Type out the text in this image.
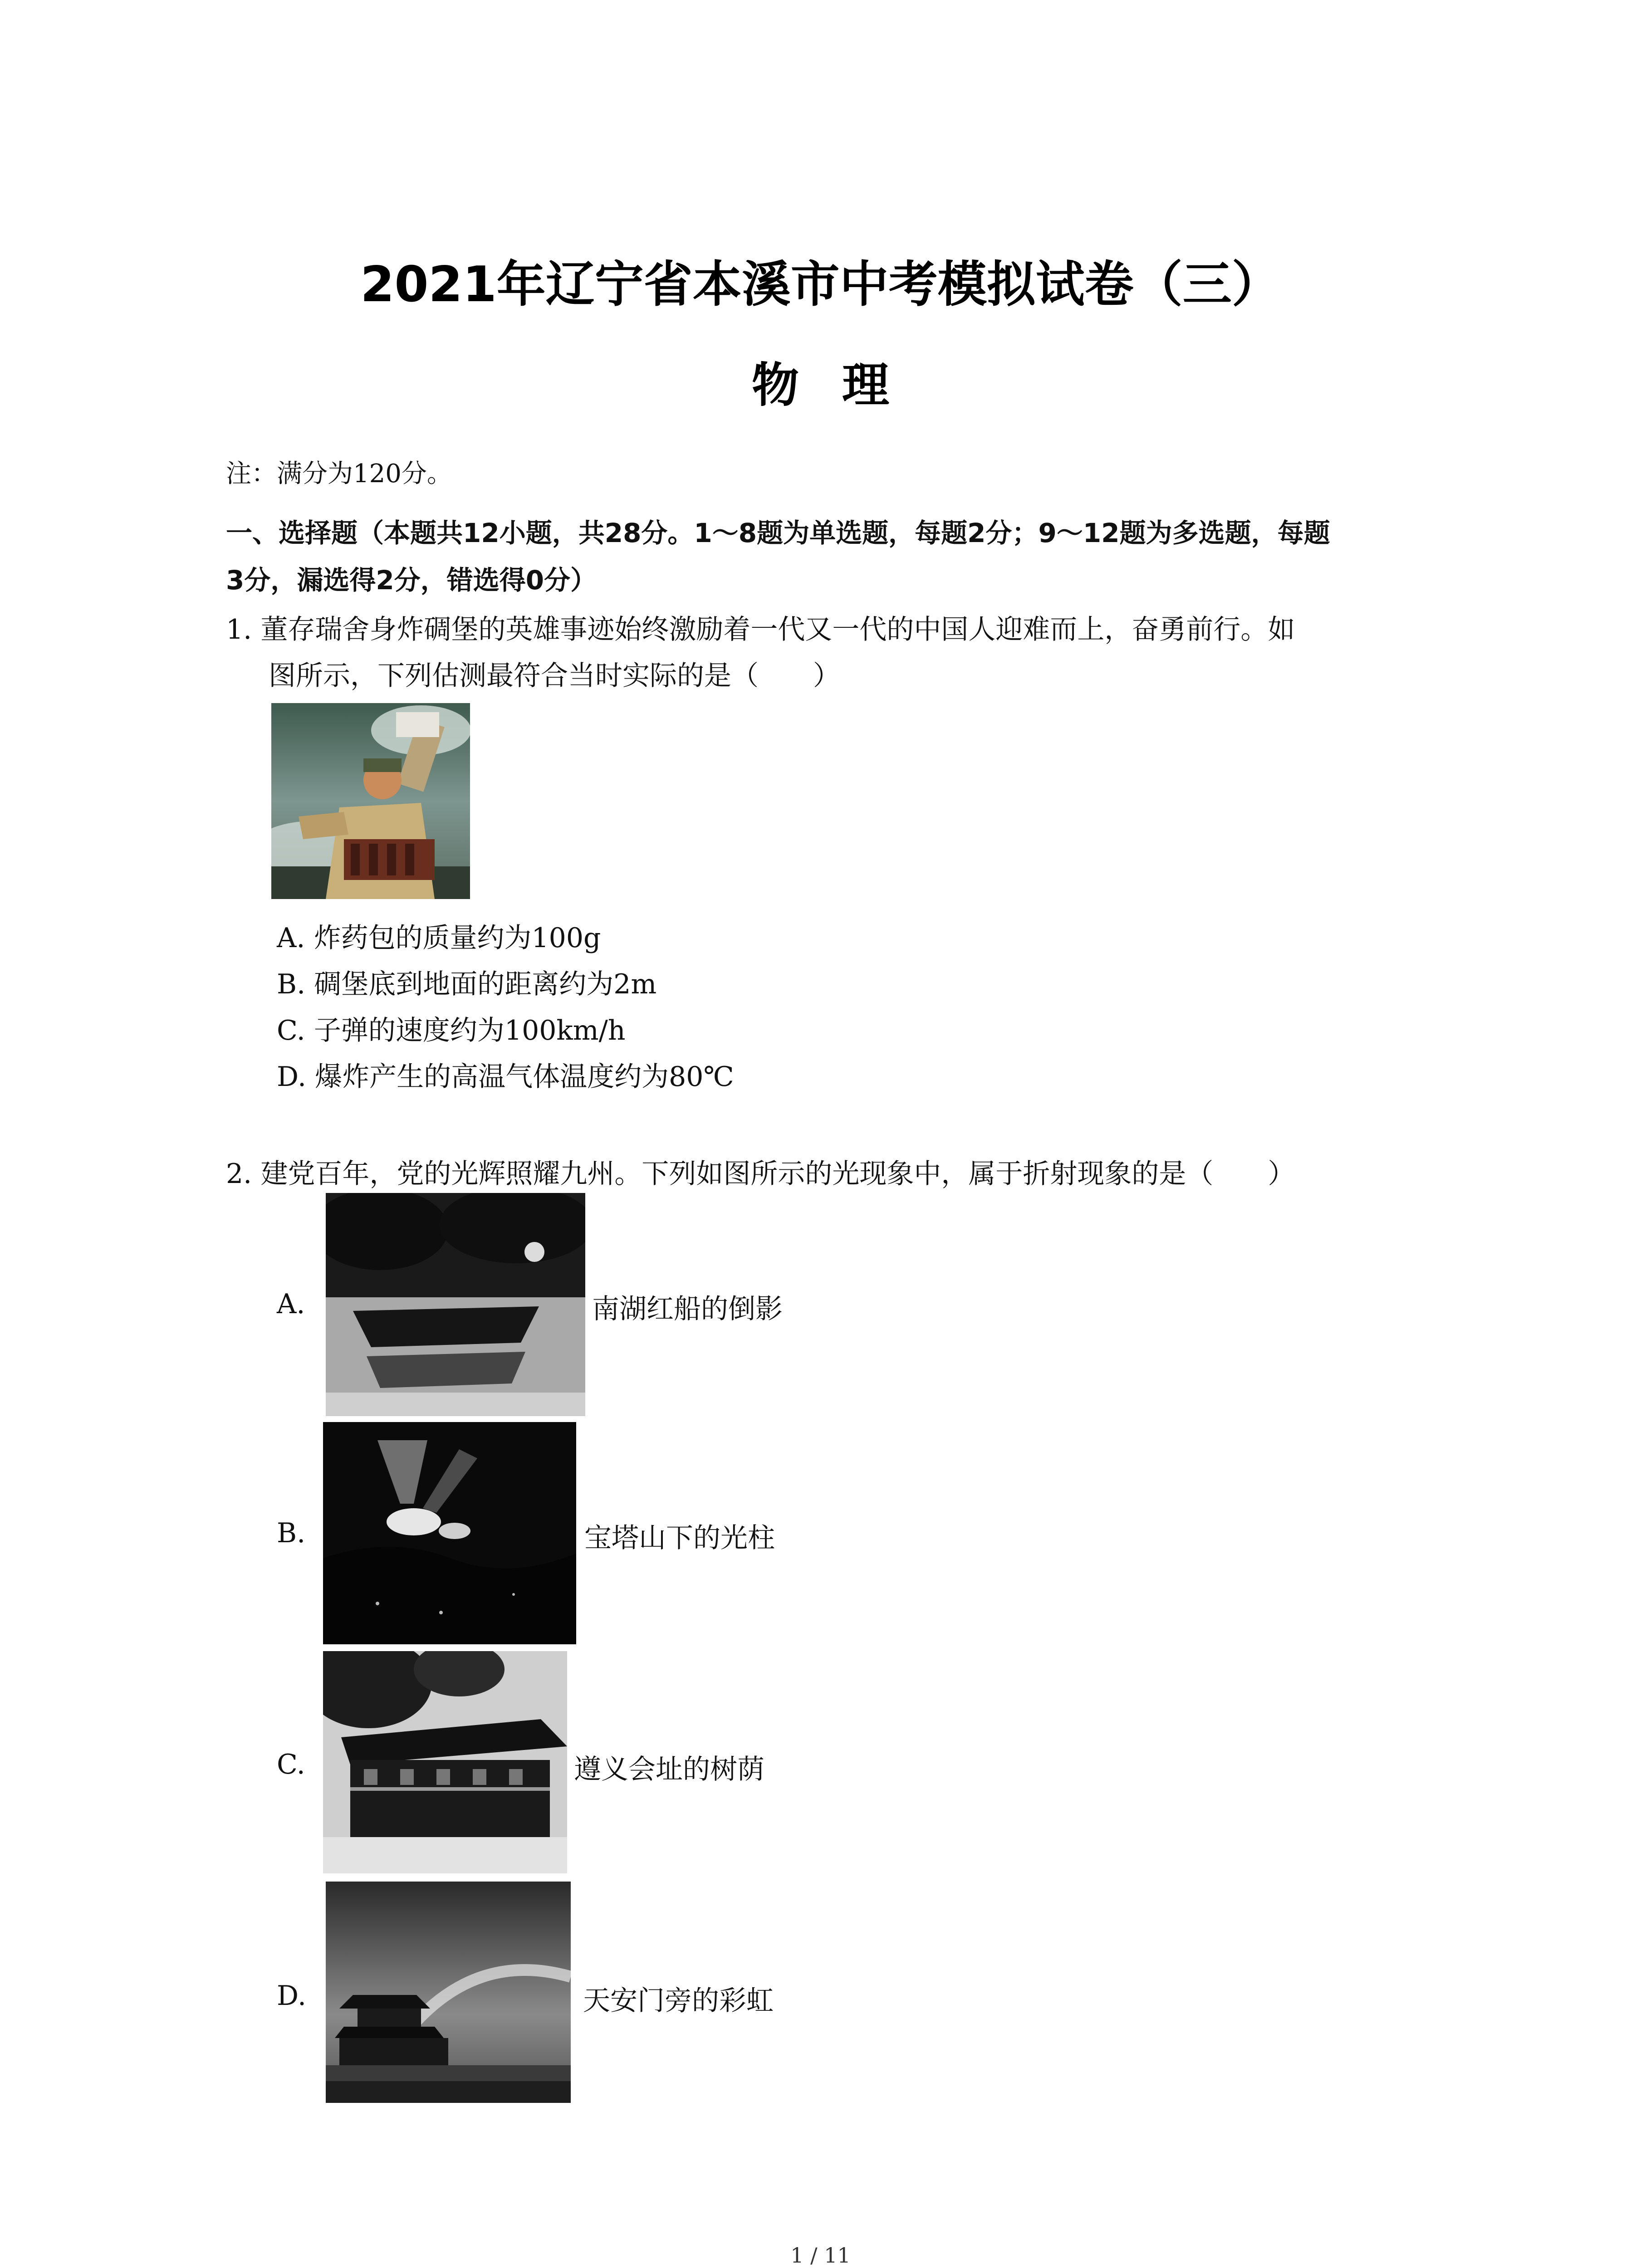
2021年辽宁省本溪市中考模拟试卷（三）
物理
注：满分为120分。
一、选择题（本题共12小题，共28分。1～8题为单选题，每题2分；9～12题为多选题，每题
3分，漏选得2分，错选得0分）
1. 董存瑞舍身炸碉堡的英雄事迹始终激励着一代又一代的中国人迎难而上，奋勇前行。如
图所示，下列估测最符合当时实际的是（　　）
A. 炸药包的质量约为100g
B. 碉堡底到地面的距离约为2m
C. 子弹的速度约为100km/h
D. 爆炸产生的高温气体温度约为80℃
2. 建党百年，党的光辉照耀九州。下列如图所示的光现象中，属于折射现象的是（　　）
A.	南湖红船的倒影
B.	宝塔山下的光柱
C.	遵义会址的树荫
D.	天安门旁的彩虹
1 / 11
